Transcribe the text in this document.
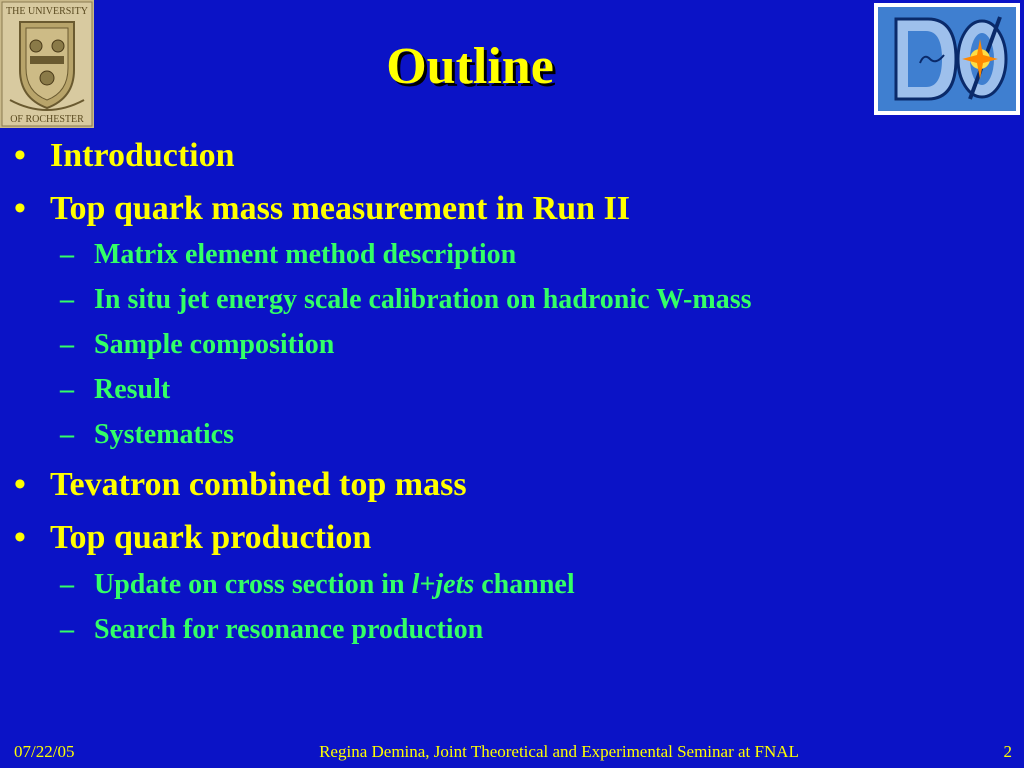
THE UNIVERSITY
OF ROCHESTER
Outline
• Introduction
• Top quark mass measurement in Run II
– Matrix element method description
– In situ jet energy scale calibration on hadronic W-mass
– Sample composition
– Result
– Systematics
• Tevatron combined top mass
• Top quark production
– Update on cross section in l+jets channel
– Search for resonance production
07/22/05	Regina Demina, Joint Theoretical and Experimental Seminar at FNAL	2
